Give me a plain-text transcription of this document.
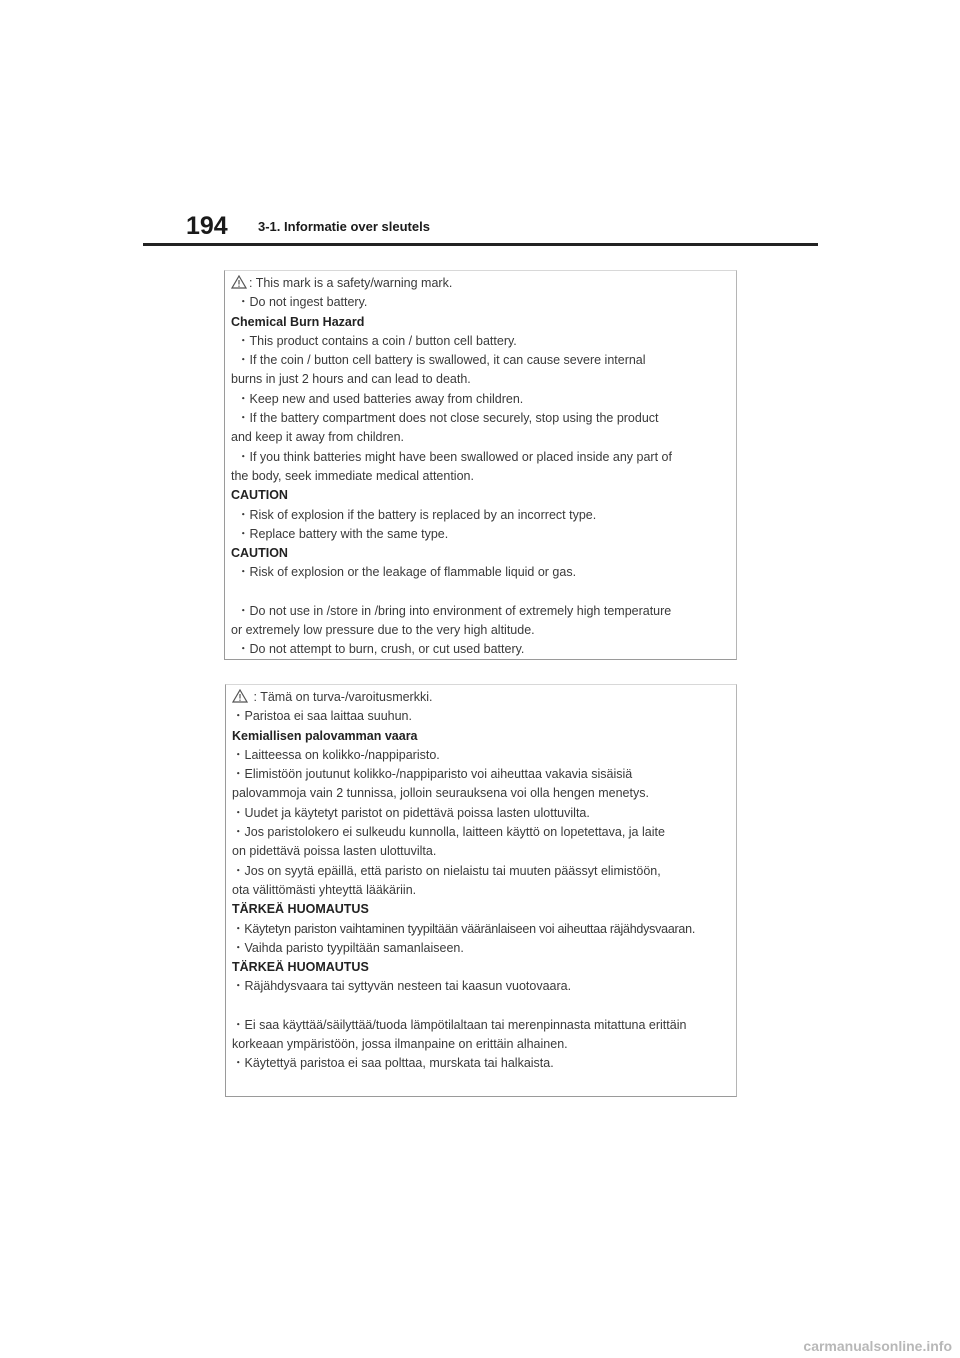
194 3-1. Informatie over sleutels
: This mark is a safety/warning mark.
・Do not ingest battery.
Chemical Burn Hazard
・This product contains a coin / button cell battery.
・If the coin / button cell battery is swallowed, it can cause severe internal
burns in just 2 hours and can lead to death.
・Keep new and used batteries away from children.
・If the battery compartment does not close securely, stop using the product
and keep it away from children.
・If you think batteries might have been swallowed or placed inside any part of
the body, seek immediate medical attention.
CAUTION
・Risk of explosion if the battery is replaced by an incorrect type.
・Replace battery with the same type.
CAUTION
・Risk of explosion or the leakage of flammable liquid or gas.
・Do not use in /store in /bring into environment of extremely high temperature
or extremely low pressure due to the very high altitude.
・Do not attempt to burn, crush, or cut used battery.
: Tämä on turva-/varoitusmerkki.
・Paristoa ei saa laittaa suuhun.
Kemiallisen palovamman vaara
・Laitteessa on kolikko-/nappiparisto.
・Elimistöön joutunut kolikko-/nappiparisto voi aiheuttaa vakavia sisäisiä
palovammoja vain 2 tunnissa, jolloin seurauksena voi olla hengen menetys.
・Uudet ja käytetyt paristot on pidettävä poissa lasten ulottuvilta.
・Jos paristolokero ei sulkeudu kunnolla, laitteen käyttö on lopetettava, ja laite
on pidettävä poissa lasten ulottuvilta.
・Jos on syytä epäillä, että paristo on nielaistu tai muuten päässyt elimistöön,
ota välittömästi yhteyttä lääkäriin.
TÄRKEÄ HUOMAUTUS
・Käytetyn pariston vaihtaminen tyypiltään vääränlaiseen voi aiheuttaa räjähdysvaaran.
・Vaihda paristo tyypiltään samanlaiseen.
TÄRKEÄ HUOMAUTUS
・Räjähdysvaara tai syttyvän nesteen tai kaasun vuotovaara.
・Ei saa käyttää/säilyttää/tuoda lämpötilaltaan tai merenpinnasta mitattuna erittäin
korkeaan ympäristöön, jossa ilmanpaine on erittäin alhainen.
・Käytettyä paristoa ei saa polttaa, murskata tai halkaista.
carmanualsonline.info
